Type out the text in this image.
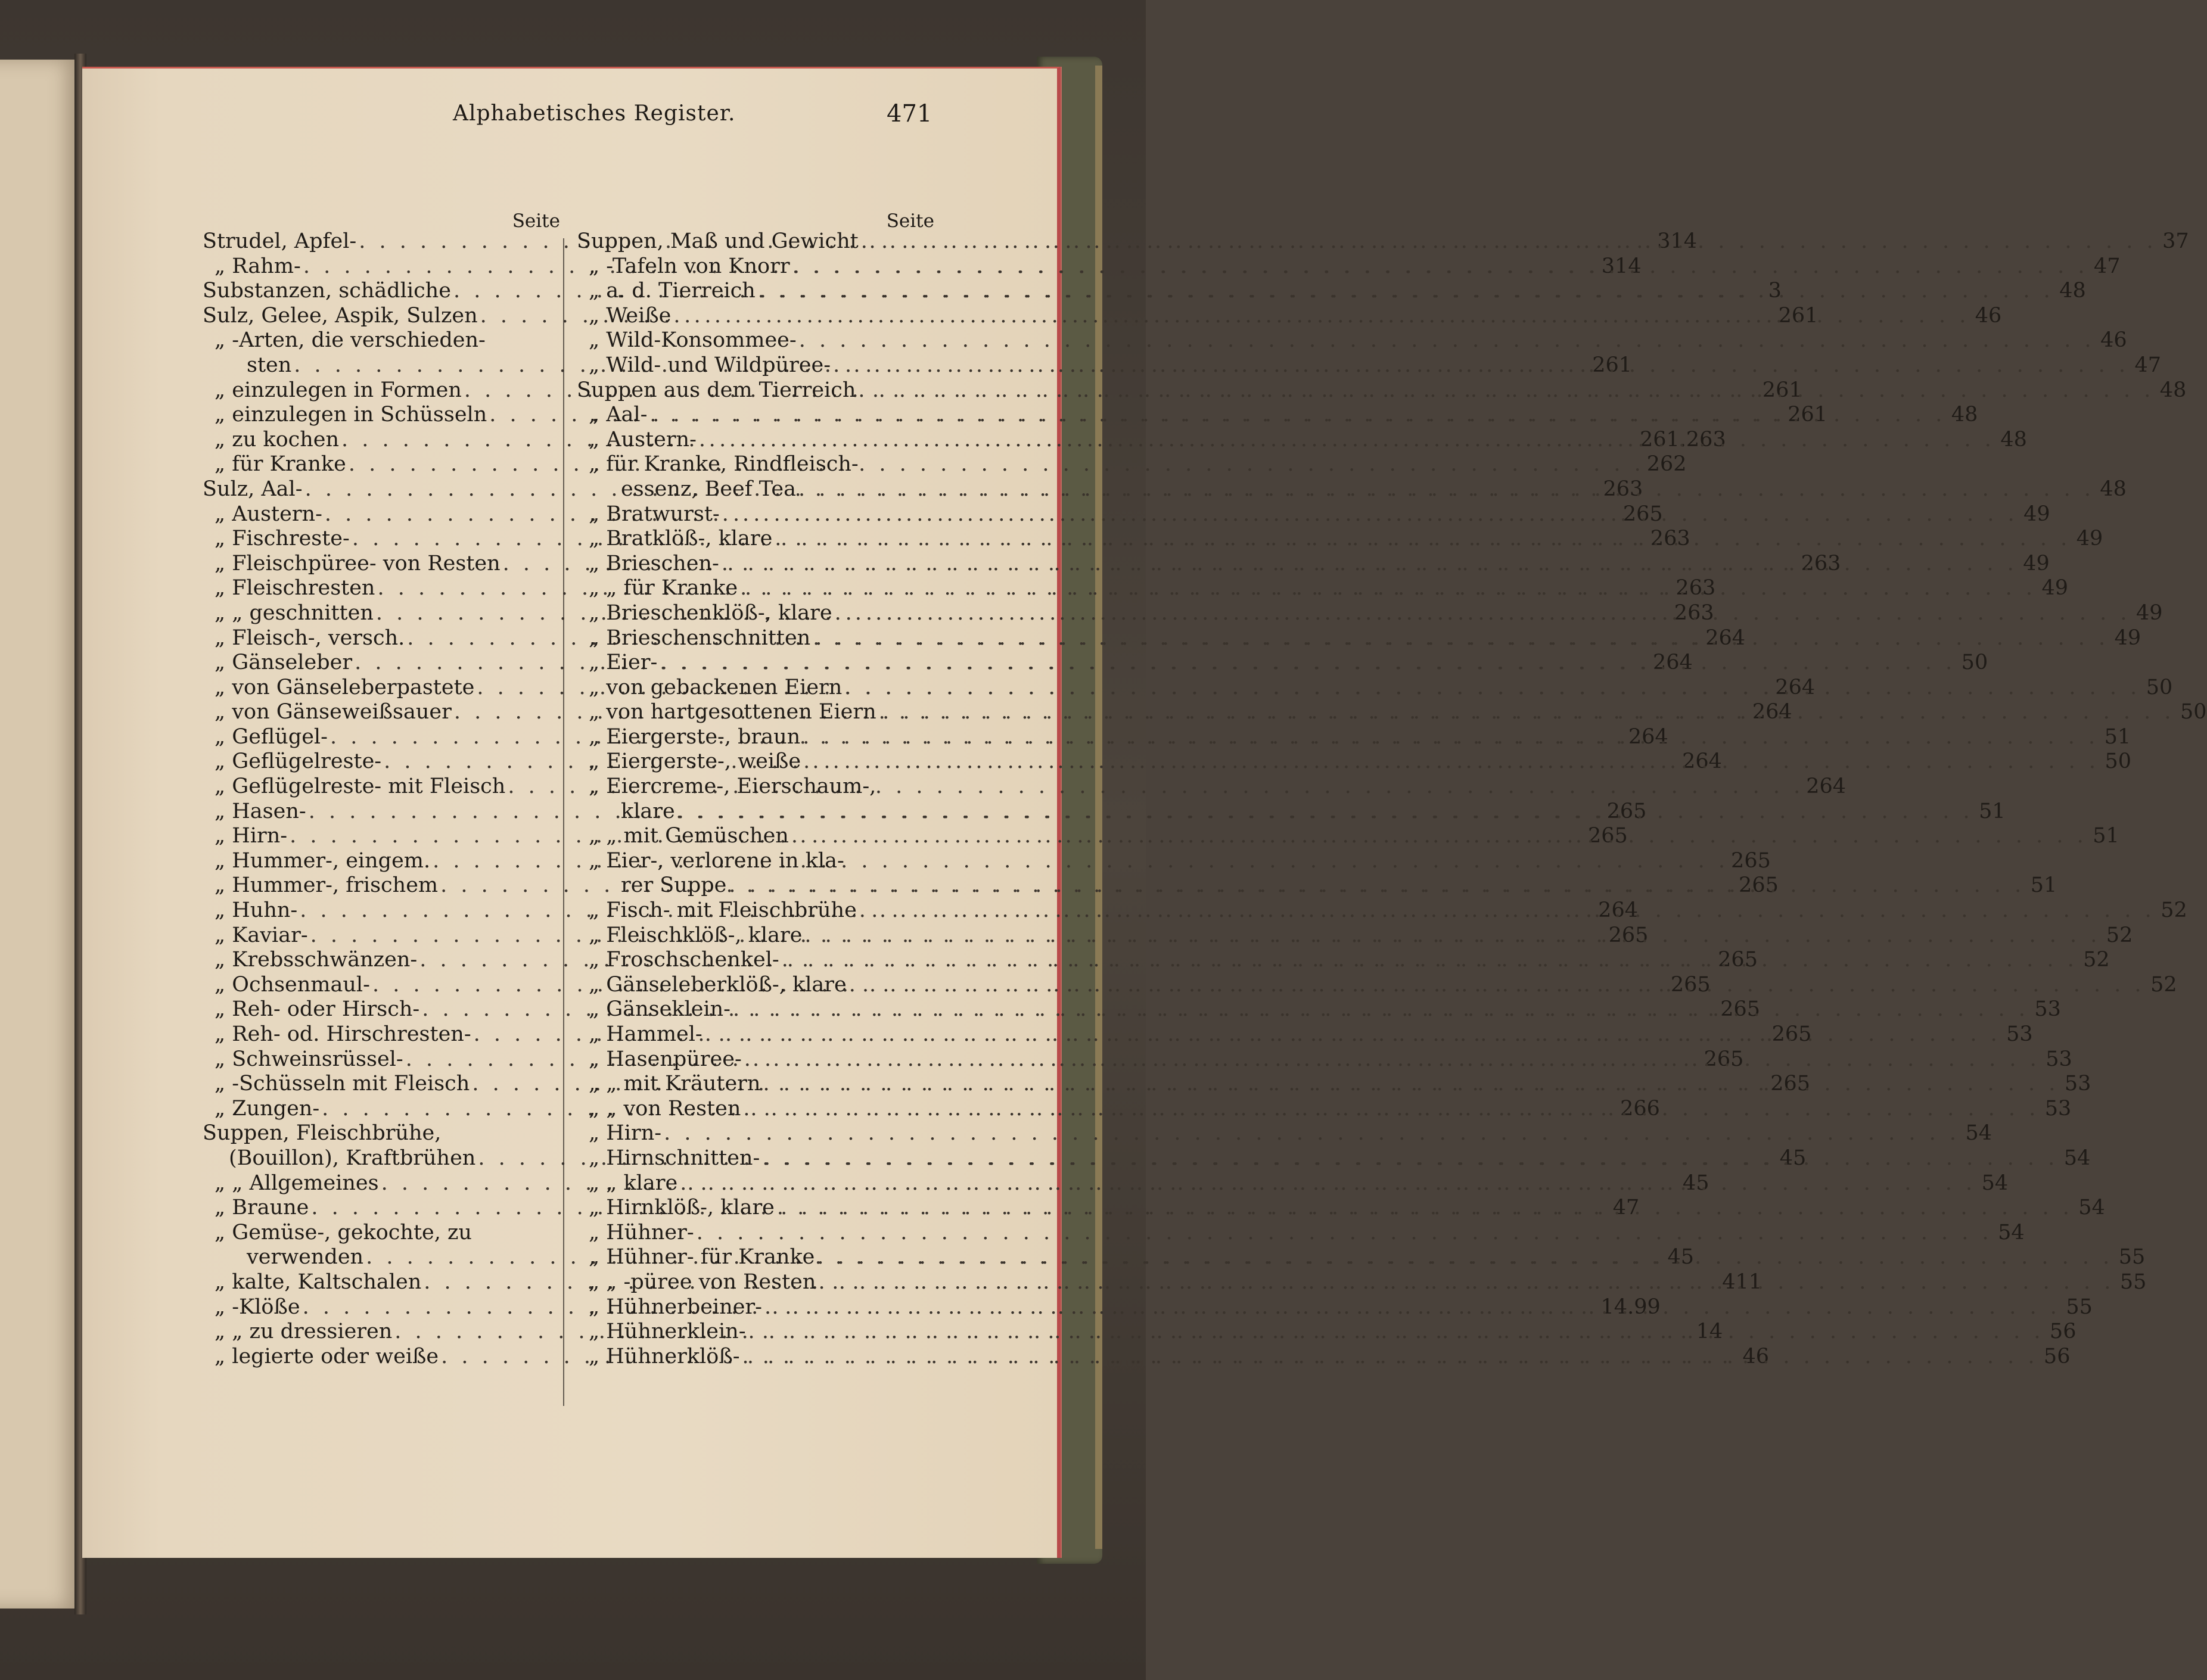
Alphabetisches Register.	471
Seite
Strudel, Apfel- . . .	314
„ Rahm- . . .	314
Substanzen, schädliche . . .	3
Sulz, Gelee, Aspik, Sulzen . . .	261
„ -Arten, die verschieden-
sten . . .	261
„ einzulegen in Formen . . .	261
„ einzulegen in Schüsseln . . .	261
„ zu kochen . . .	261.263
„ für Kranke . . .	262
Sulz, Aal- . . .	263
„ Austern- . . .	265
„ Fischreste- . . .	263
„ Fleischpüree- von Resten . . .	263
„ Fleischresten . . .	263
„ „ geschnitten . . .	263
„ Fleisch-, versch. . . .	264
„ Gänseleber . . .	264
„ von Gänseleberpastete . . .	264
„ von Gänseweißsauer . . .	264
„ Geflügel- . . .	264
„ Geflügelreste- . . .	264
„ Geflügelreste- mit Fleisch . . .	264
„ Hasen- . . .	265
„ Hirn- . . .	265
„ Hummer-, eingem. . . .	265
„ Hummer-, frischem . . .	265
„ Huhn- . . .	264
„ Kaviar- . . .	265
„ Krebsschwänzen- . . .	265
„ Ochsenmaul- . . .	265
„ Reh- oder Hirsch- . . .	265
„ Reh- od. Hirschresten- . . .	265
„ Schweinsrüssel- . . .	265
„ -Schüsseln mit Fleisch . . .	265
„ Zungen- . . .	266
Suppen, Fleischbrühe,
(Bouillon), Kraftbrühen . . .	45
„ „ Allgemeines . . .	45
„ Braune . . .	47
„ Gemüse-, gekochte, zu
verwenden . . .	45
„ kalte, Kaltschalen . . .	411
„ -Klöße . . .	14.99
„ „ zu dressieren . . .	14
„ legierte oder weiße . . .	46
Seite
Suppen, Maß und Gewicht . . .	37
„ -Tafeln von Knorr . . .	47
„ a. d. Tierreich . . .	48
„ Weiße . . .	46
„ Wild-Konsommee- . . .	46
„ Wild- und Wildpüree- . . .	47
Suppen aus dem Tierreich . . .	48
„ Aal- . . .	48
„ Austern- . . .	48
„ für Kranke, Rindfleisch-
essenz, Beef Tea . . .	48
„ Bratwurst- . . .	49
„ Bratklöß-, klare . . .	49
„ Brieschen- . . .	49
„ „ für Kranke . . .	49
„ Brieschenklöß-, klare . . .	49
„ Brieschenschnitten . . .	49
„ Eier- . . .	50
„ von gebackenen Eiern . . .	50
„ von hartgesottenen Eiern . . .	50
„ Eiergerste-, braun . . .	51
„ Eiergerste-, weiße . . .	50
„ Eiercreme-, Eierschaum-,
klare . . .	51
„ „ mit Gemüschen . . .	51
„ Eier-, verlorene in kla-
rer Suppe . . .	51
„ Fisch- mit Fleischbrühe . . .	52
„ Fleischklöß-, klare . . .	52
„ Froschschenkel- . . .	52
„ Gänseleberklöß-, klare . . .	52
„ Gänseklein- . . .	53
„ Hammel- . . .	53
„ Hasenpüree- . . .	53
„ „ mit Kräutern . . .	53
„ „ von Resten . . .	53
„ Hirn- . . .	54
„ Hirnschnitten- . . .	54
„ „ klare . . .	54
„ Hirnklöß-, klare . . .	54
„ Hühner- . . .	54
„ Hühner- für Kranke . . .	55
„ „ -püree von Resten . . .	55
„ Hühnerbeiner- . . .	55
„ Hühnerklein- . . .	56
„ Hühnerklöß- . . .	56
